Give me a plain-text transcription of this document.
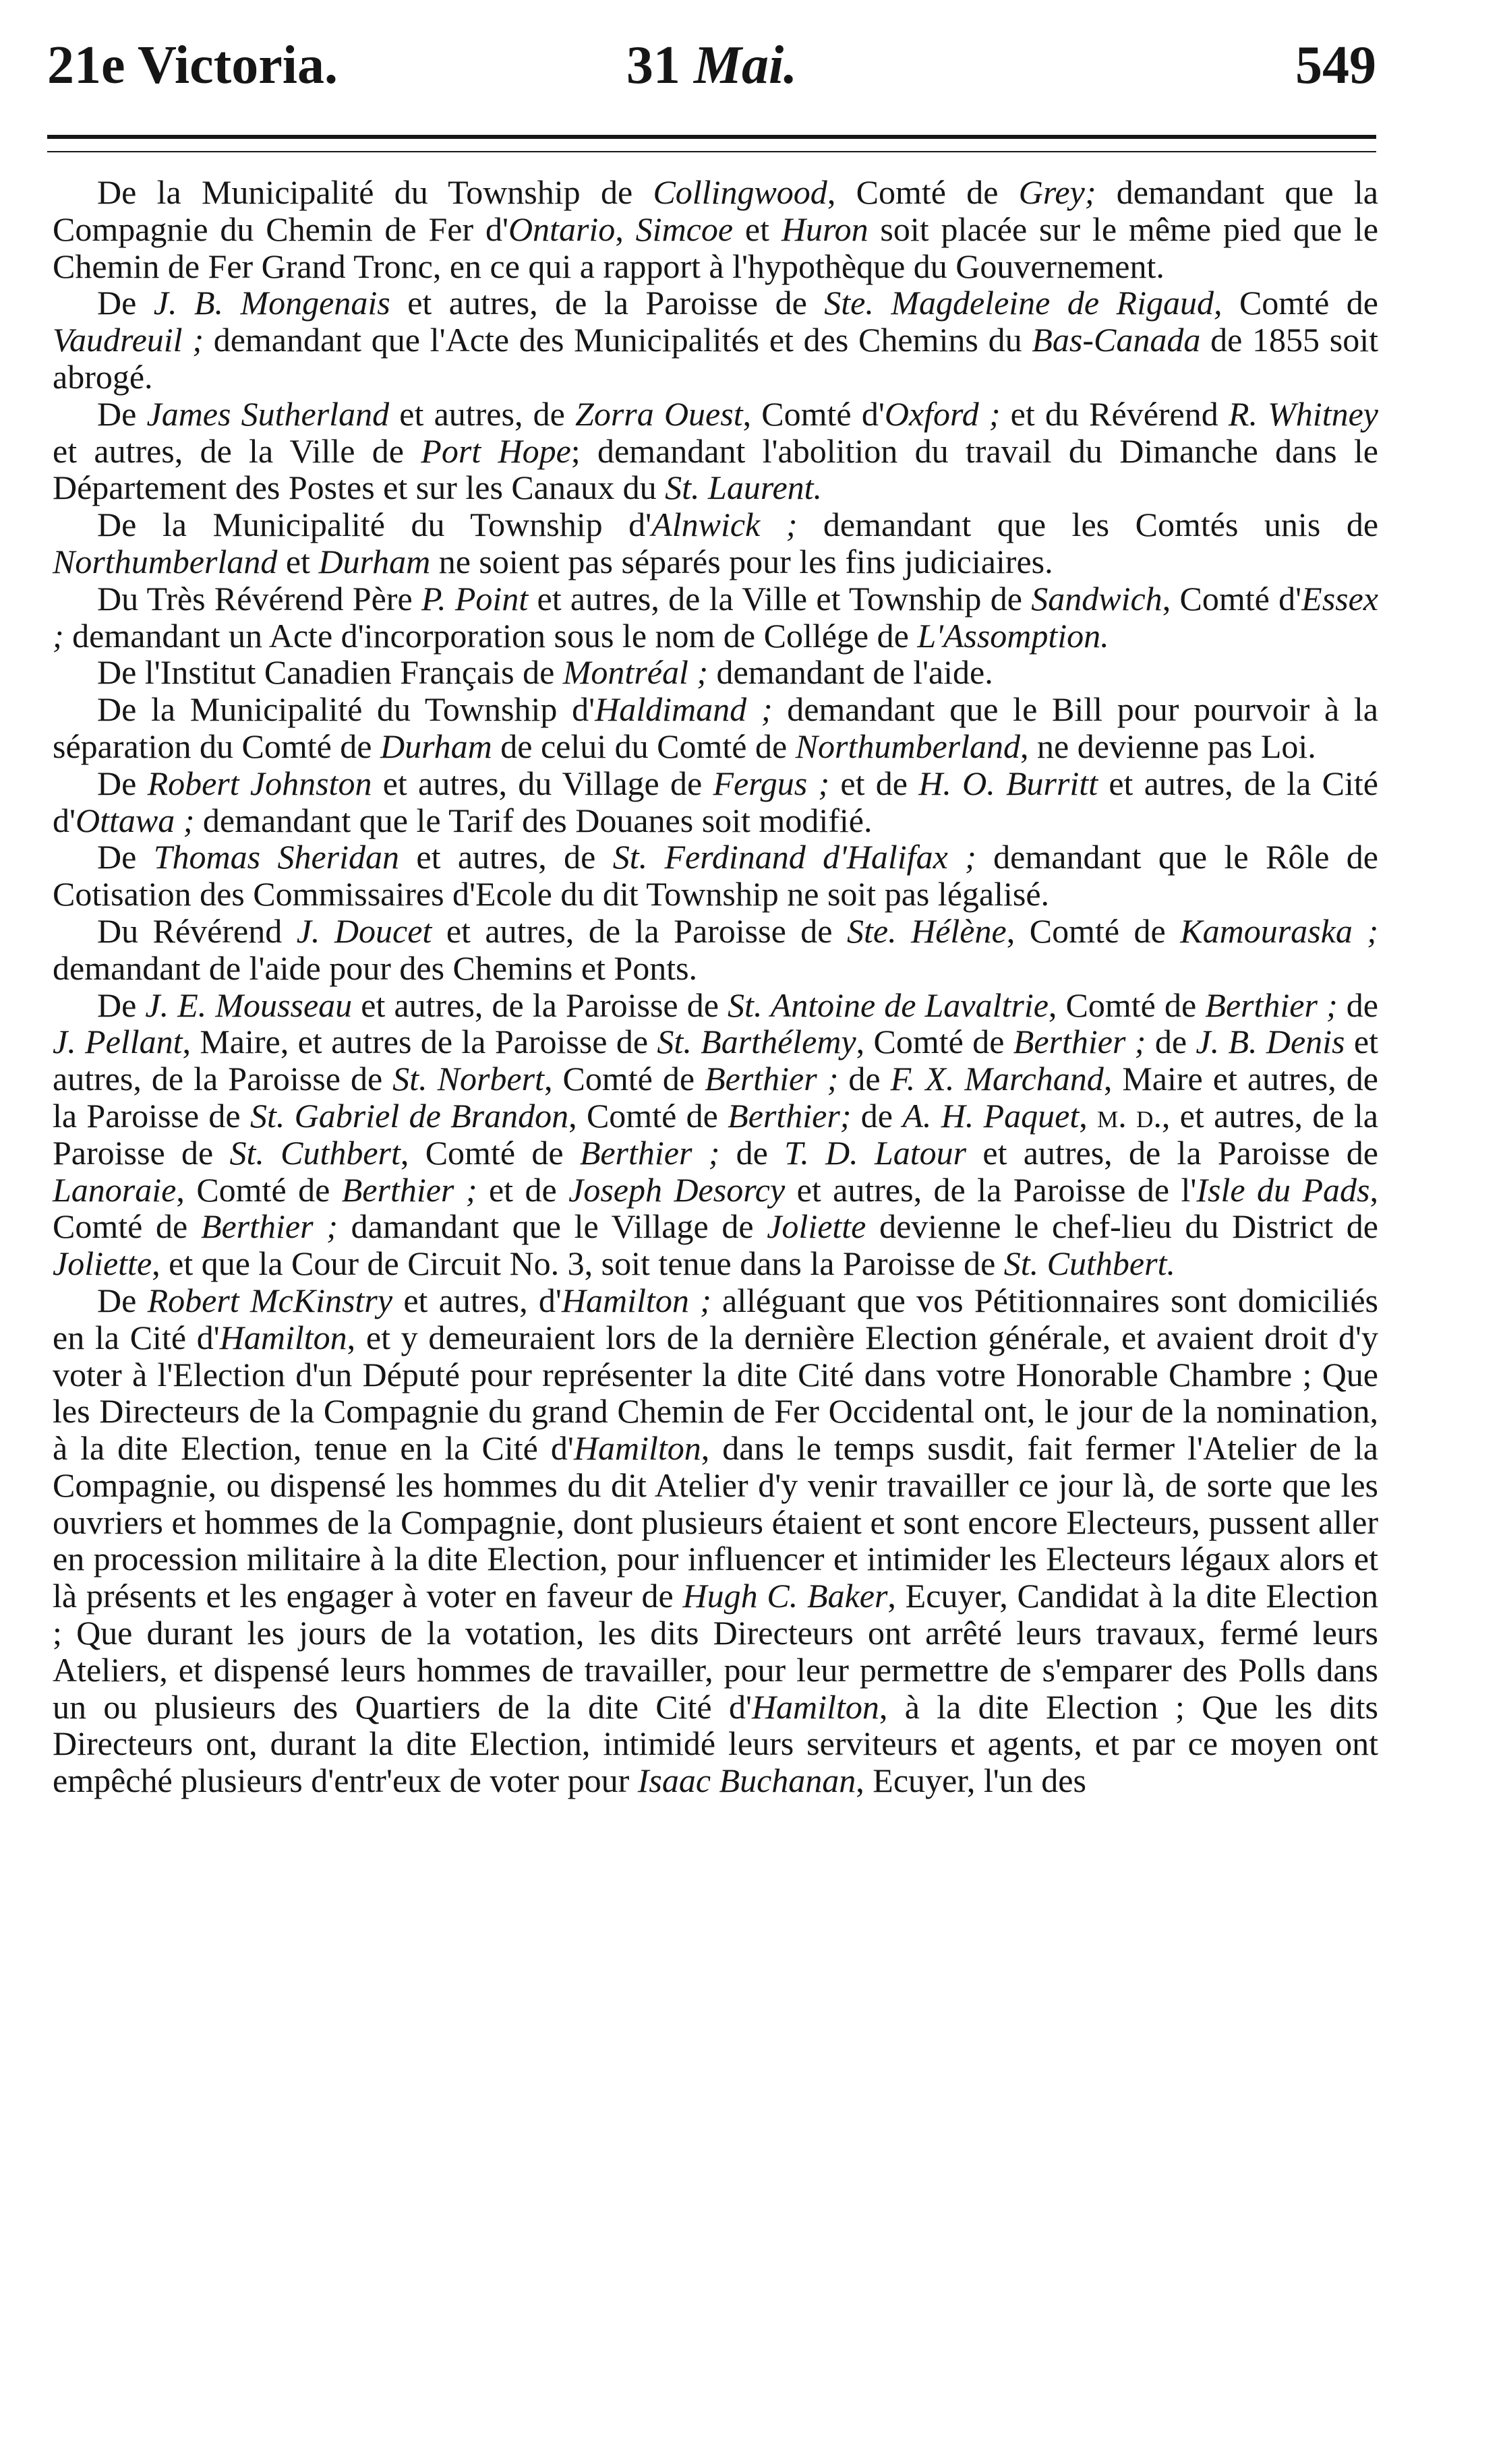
21e Victoria.	31 Mai.	549

De la Municipalité du Township de Collingwood, Comté de Grey; demandant que la Compagnie du Chemin de Fer d'Ontario, Simcoe et Huron soit placée sur le même pied que le Chemin de Fer Grand Tronc, en ce qui a rapport à l'hypothèque du Gouvernement.

De J. B. Mongenais et autres, de la Paroisse de Ste. Magdeleine de Rigaud, Comté de Vaudreuil ; demandant que l'Acte des Municipalités et des Chemins du Bas-Canada de 1855 soit abrogé.

De James Sutherland et autres, de Zorra Ouest, Comté d'Oxford ; et du Révérend R. Whitney et autres, de la Ville de Port Hope; demandant l'abolition du travail du Dimanche dans le Département des Postes et sur les Canaux du St. Laurent.

De la Municipalité du Township d'Alnwick ; demandant que les Comtés unis de Northumberland et Durham ne soient pas séparés pour les fins judiciaires.

Du Très Révérend Père P. Point et autres, de la Ville et Township de Sandwich, Comté d'Essex ; demandant un Acte d'incorporation sous le nom de Collége de L'Assomption.

De l'Institut Canadien Français de Montréal ; demandant de l'aide.

De la Municipalité du Township d'Haldimand ; demandant que le Bill pour pourvoir à la séparation du Comté de Durham de celui du Comté de Northumberland, ne devienne pas Loi.

De Robert Johnston et autres, du Village de Fergus ; et de H. O. Burritt et autres, de la Cité d'Ottawa ; demandant que le Tarif des Douanes soit modifié.

De Thomas Sheridan et autres, de St. Ferdinand d'Halifax ; demandant que le Rôle de Cotisation des Commissaires d'Ecole du dit Township ne soit pas légalisé.

Du Révérend J. Doucet et autres, de la Paroisse de Ste. Hélène, Comté de Kamouraska ; demandant de l'aide pour des Chemins et Ponts.

De J. E. Mousseau et autres, de la Paroisse de St. Antoine de Lavaltrie, Comté de Berthier ; de J. Pellant, Maire, et autres de la Paroisse de St. Barthélemy, Comté de Berthier ; de J. B. Denis et autres, de la Paroisse de St. Norbert, Comté de Berthier ; de F. X. Marchand, Maire et autres, de la Paroisse de St. Gabriel de Brandon, Comté de Berthier; de A. H. Paquet, m. d., et autres, de la Paroisse de St. Cuthbert, Comté de Berthier ; de T. D. Latour et autres, de la Paroisse de Lanoraie, Comté de Berthier ; et de Joseph Desorcy et autres, de la Paroisse de l'Isle du Pads, Comté de Berthier ; damandant que le Village de Joliette devienne le chef-lieu du District de Joliette, et que la Cour de Circuit No. 3, soit tenue dans la Paroisse de St. Cuthbert.

De Robert McKinstry et autres, d'Hamilton ; alléguant que vos Pétitionnaires sont domiciliés en la Cité d'Hamilton, et y demeuraient lors de la dernière Election générale, et avaient droit d'y voter à l'Election d'un Député pour représenter la dite Cité dans votre Honorable Chambre ; Que les Directeurs de la Compagnie du grand Chemin de Fer Occidental ont, le jour de la nomination, à la dite Election, tenue en la Cité d'Hamilton, dans le temps susdit, fait fermer l'Atelier de la Compagnie, ou dispensé les hommes du dit Atelier d'y venir travailler ce jour là, de sorte que les ouvriers et hommes de la Compagnie, dont plusieurs étaient et sont encore Electeurs, pussent aller en procession militaire à la dite Election, pour influencer et intimider les Electeurs légaux alors et là présents et les engager à voter en faveur de Hugh C. Baker, Ecuyer, Candidat à la dite Election ; Que durant les jours de la votation, les dits Directeurs ont arrêté leurs travaux, fermé leurs Ateliers, et dispensé leurs hommes de travailler, pour leur permettre de s'emparer des Polls dans un ou plusieurs des Quartiers de la dite Cité d'Hamilton, à la dite Election ; Que les dits Directeurs ont, durant la dite Election, intimidé leurs serviteurs et agents, et par ce moyen ont empêché plusieurs d'entr'eux de voter pour Isaac Buchanan, Ecuyer, l'un des
